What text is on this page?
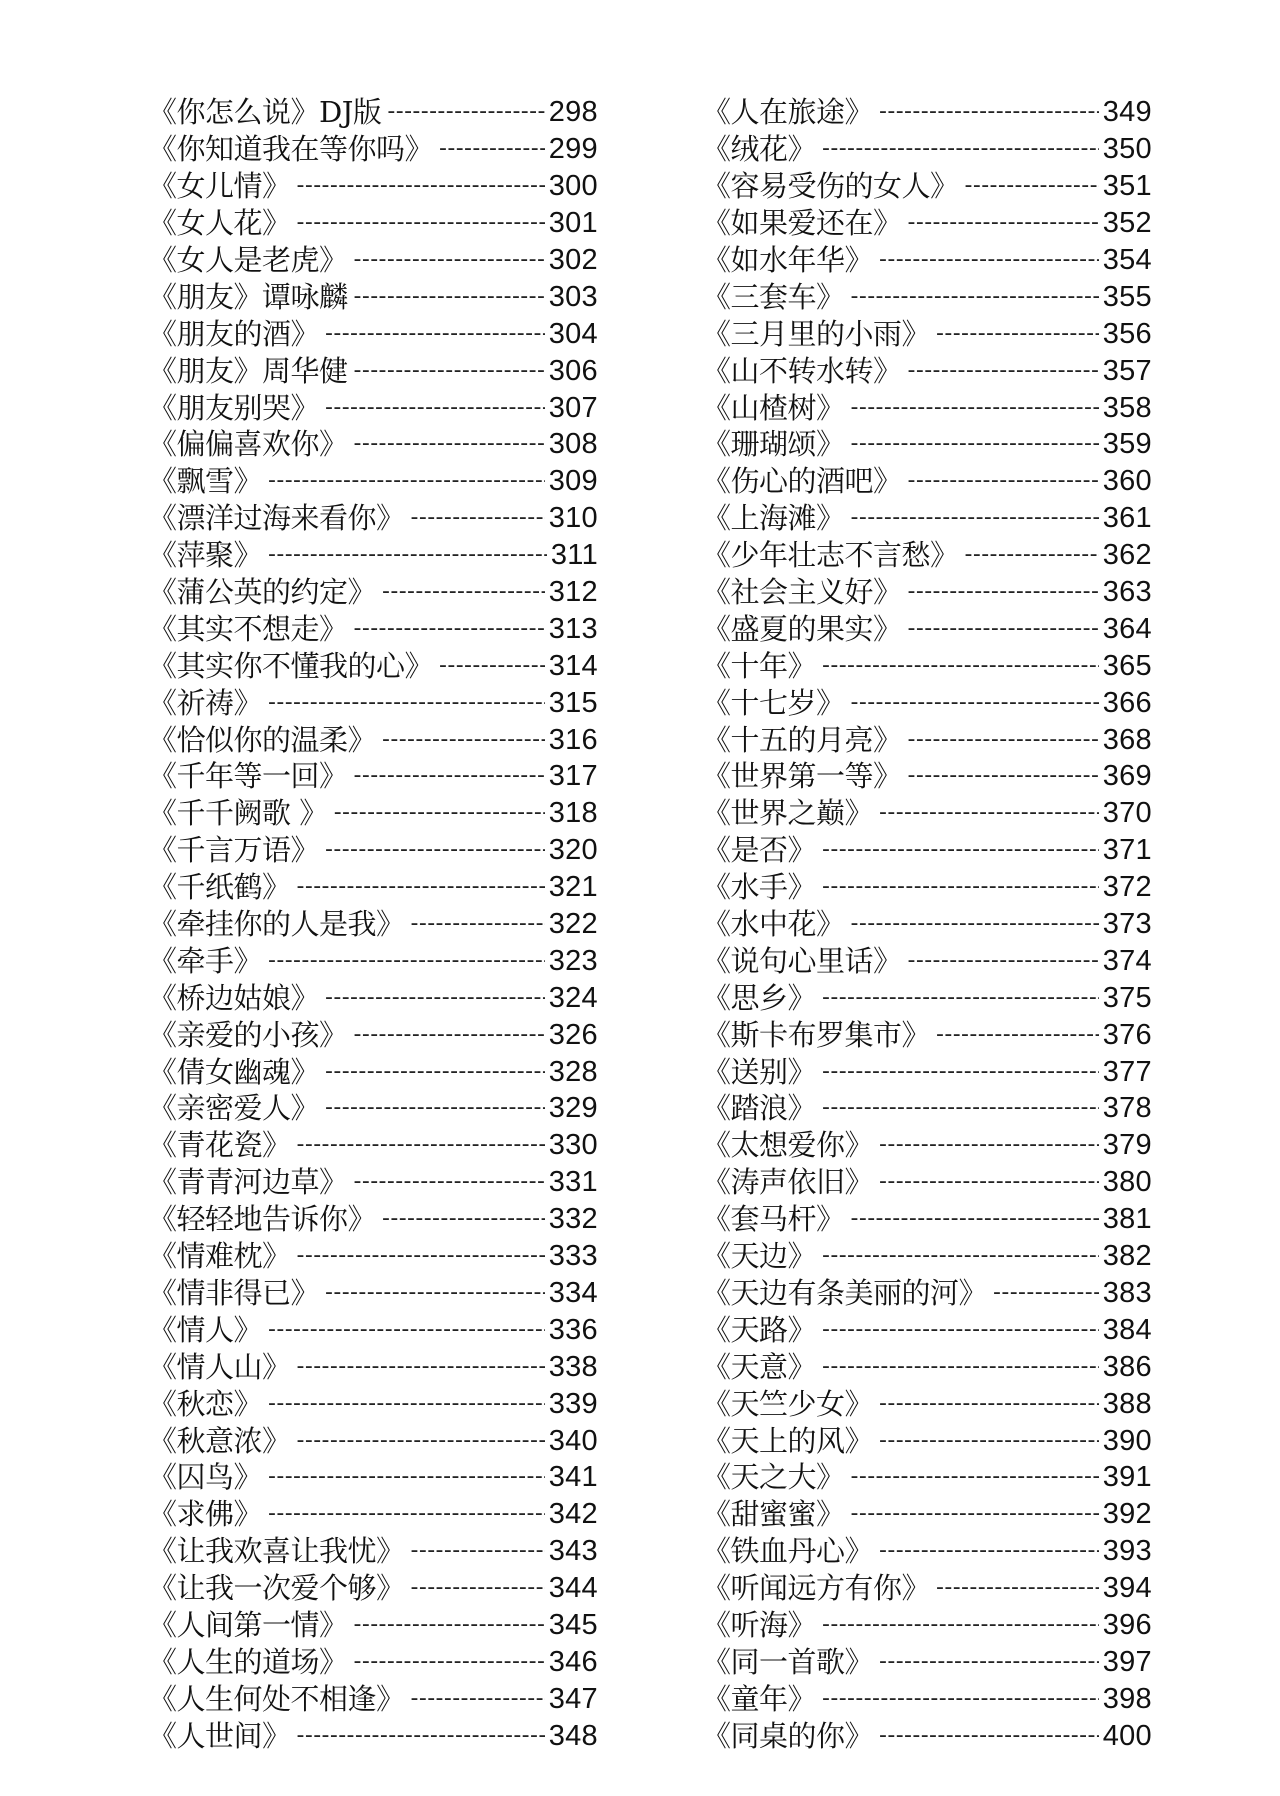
《你怎么说》DJ版 -----	298
《你知道我在等你吗》 -----	299
《女儿情》 -----	300
《女人花》 -----	301
《女人是老虎》 -----	302
《朋友》谭咏麟 -----	303
《朋友的酒》 -----	304
《朋友》周华健 -----	306
《朋友别哭》 -----	307
《偏偏喜欢你》 -----	308
《飘雪》 -----	309
《漂洋过海来看你》 -----	310
《萍聚》 -----	311
《蒲公英的约定》 -----	312
《其实不想走》 -----	313
《其实你不懂我的心》 -----	314
《祈祷》 -----	315
《恰似你的温柔》 -----	316
《千年等一回》 -----	317
《千千阙歌 》 -----	318
《千言万语》 -----	320
《千纸鹤》 -----	321
《牵挂你的人是我》 -----	322
《牵手》 -----	323
《桥边姑娘》 -----	324
《亲爱的小孩》 -----	326
《倩女幽魂》 -----	328
《亲密爱人》 -----	329
《青花瓷》 -----	330
《青青河边草》 -----	331
《轻轻地告诉你》 -----	332
《情难枕》 -----	333
《情非得已》 -----	334
《情人》 -----	336
《情人山》 -----	338
《秋恋》 -----	339
《秋意浓》 -----	340
《囚鸟》 -----	341
《求佛》 -----	342
《让我欢喜让我忧》 -----	343
《让我一次爱个够》 -----	344
《人间第一情》 -----	345
《人生的道场》 -----	346
《人生何处不相逢》 -----	347
《人世间》 -----	348
《人在旅途》 -----	349
《绒花》 -----	350
《容易受伤的女人》 -----	351
《如果爱还在》 -----	352
《如水年华》 -----	354
《三套车》 -----	355
《三月里的小雨》 -----	356
《山不转水转》 -----	357
《山楂树》 -----	358
《珊瑚颂》 -----	359
《伤心的酒吧》 -----	360
《上海滩》 -----	361
《少年壮志不言愁》 -----	362
《社会主义好》 -----	363
《盛夏的果实》 -----	364
《十年》 -----	365
《十七岁》 -----	366
《十五的月亮》 -----	368
《世界第一等》 -----	369
《世界之巅》 -----	370
《是否》 -----	371
《水手》 -----	372
《水中花》 -----	373
《说句心里话》 -----	374
《思乡》 -----	375
《斯卡布罗集市》 -----	376
《送别》 -----	377
《踏浪》 -----	378
《太想爱你》 -----	379
《涛声依旧》 -----	380
《套马杆》 -----	381
《天边》 -----	382
《天边有条美丽的河》 -----	383
《天路》 -----	384
《天意》 -----	386
《天竺少女》 -----	388
《天上的风》 -----	390
《天之大》 -----	391
《甜蜜蜜》 -----	392
《铁血丹心》 -----	393
《听闻远方有你》 -----	394
《听海》 -----	396
《同一首歌》 -----	397
《童年》 -----	398
《同桌的你》 -----	400
